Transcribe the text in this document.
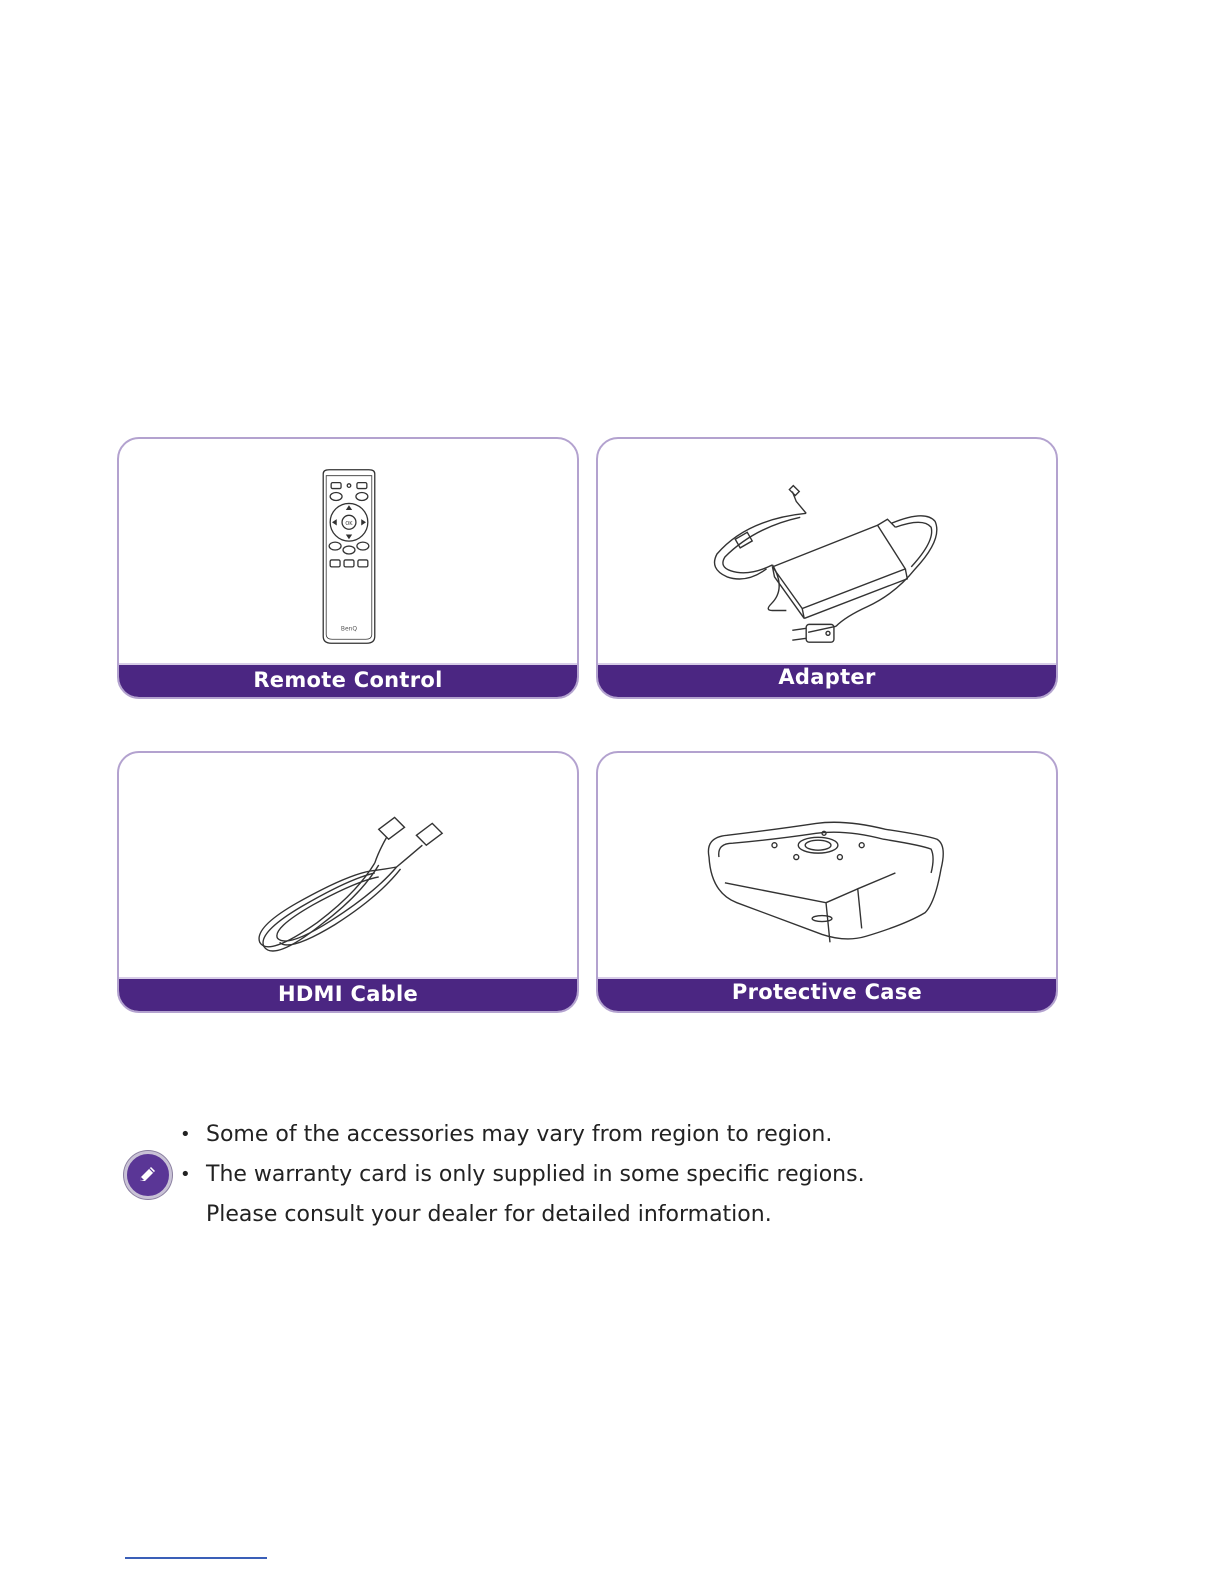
OK
BenQ
Remote Control	Adapter
HDMI Cable	Protective Case
• Some of the accessories may vary from region to region.
• The warranty card is only supplied in some specific regions.
Please consult your dealer for detailed information.
